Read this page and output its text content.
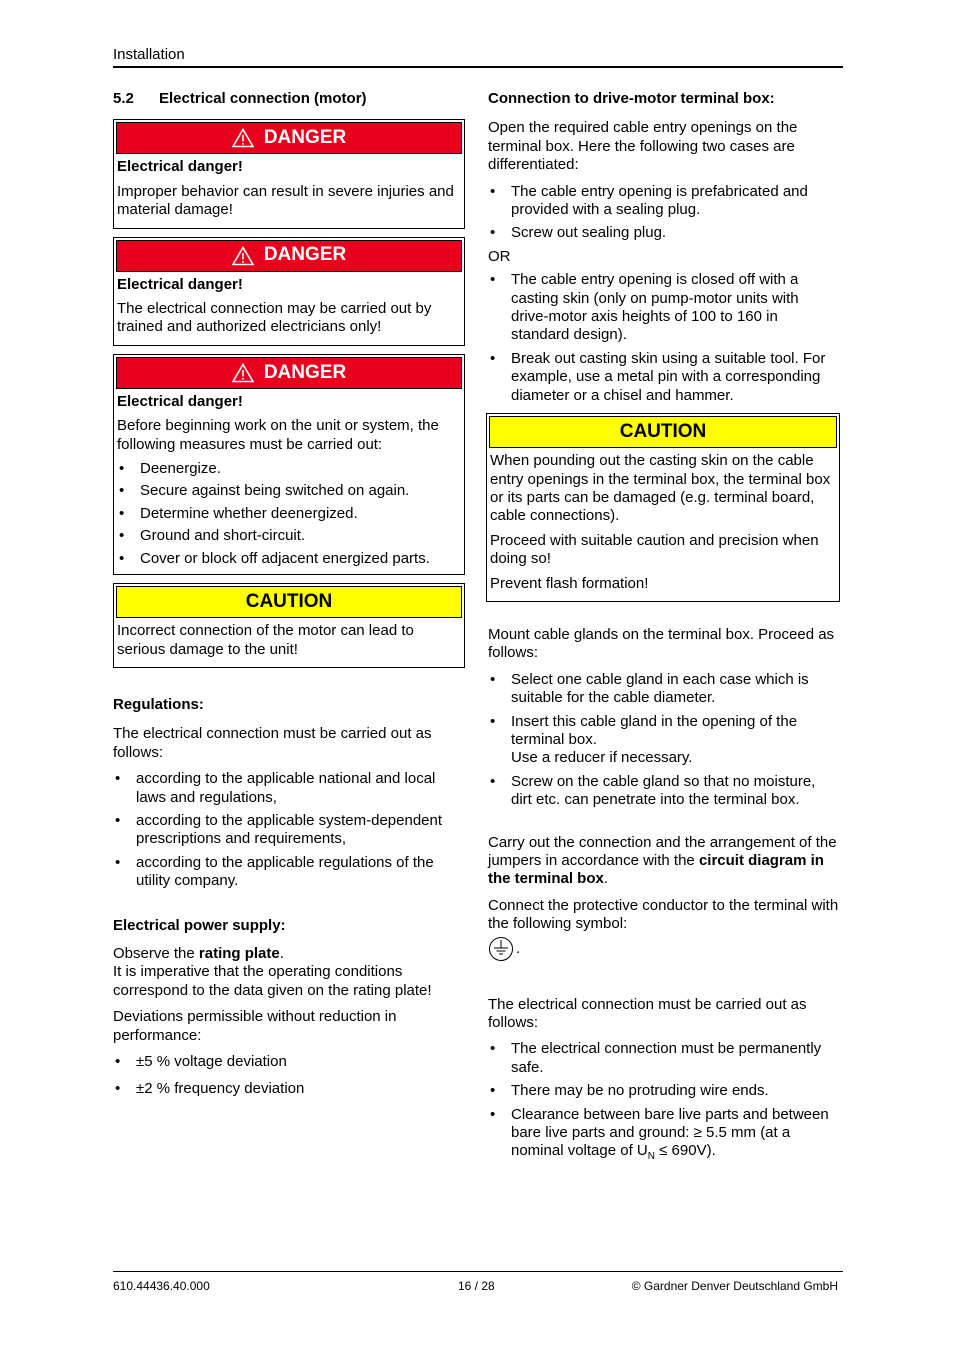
Installation
5.2 Electrical connection (motor)
DANGER

Electrical danger!

Improper behavior can result in severe injuries and material damage!

DANGER

Electrical danger!

The electrical connection may be carried out by trained and authorized electricians only!

DANGER

Electrical danger!

Before beginning work on the unit or system, the following measures must be carried out:

• Deenergize.
• Secure against being switched on again.
• Determine whether deenergized.
• Ground and short-circuit.
• Cover or block off adjacent energized parts.
CAUTION

Incorrect connection of the motor can lead to serious damage to the unit!

Regulations:

The electrical connection must be carried out as follows:

• according to the applicable national and local laws and regulations,
• according to the applicable system-dependent prescriptions and requirements,
• according to the applicable regulations of the utility company.

Electrical power supply:

Observe the rating plate.

It is imperative that the operating conditions correspond to the data given on the rating plate!

Deviations permissible without reduction in performance:

• ±5 % voltage deviation
• ±2 % frequency deviation

Connection to drive-motor terminal box:

Open the required cable entry openings on the terminal box. Here the following two cases are differentiated:

• The cable entry opening is prefabricated and provided with a sealing plug.
• Screw out sealing plug.

OR

• The cable entry opening is closed off with a casting skin (only on pump-motor units with drive-motor axis heights of 100 to 160 in standard design).
• Break out casting skin using a suitable tool. For example, use a metal pin with a corresponding diameter or a chisel and hammer.
CAUTION

When pounding out the casting skin on the cable entry openings in the terminal box, the terminal box or its parts can be damaged (e.g. terminal board, cable connections).

Proceed with suitable caution and precision when doing so!

Prevent flash formation!

Mount cable glands on the terminal box. Proceed as follows:

• Select one cable gland in each case which is suitable for the cable diameter.
• Insert this cable gland in the opening of the terminal box.
Use a reducer if necessary.
• Screw on the cable gland so that no moisture, dirt etc. can penetrate into the terminal box.

Carry out the connection and the arrangement of the jumpers in accordance with the circuit diagram in the terminal box.

Connect the protective conductor to the terminal with the following symbol:

.

The electrical connection must be carried out as follows:

• The electrical connection must be permanently safe.
• There may be no protruding wire ends.
• Clearance between bare live parts and between bare live parts and ground: ≥ 5.5 mm (at a nominal voltage of $U_N \le 690V$).
610.44436.40.000	16 / 28	© Gardner Denver Deutschland GmbH
